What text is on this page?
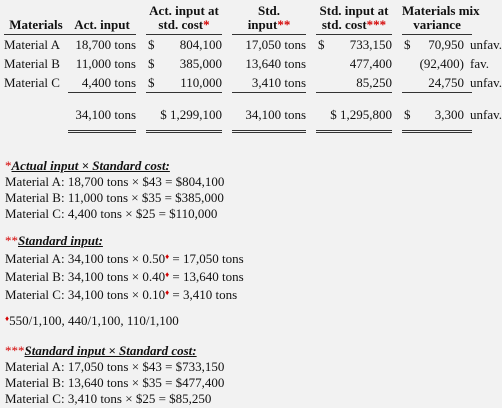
Materials	Act. input		Act. input at
std. cost*			Std.
input**		Std. input at
std. cost***			Materials mix
variance		
Material A	18,700 tons		$	804,100		17,050 tons		$	733,150		$	70,950	unfav.
Material B	11,000 tons		$	385,000		13,640 tons			477,400			(92,400)	fav.
Material C	4,400 tons		$	110,000		3,410 tons			85,250			24,750	unfav.
	34,100 tons		$ 1,299,100			34,100 tons		$ 1,295,800			$	3,300	unfav.
*Actual input × Standard cost:
Material A: 18,700 tons × $43 = $804,100
Material B: 11,000 tons × $35 = $385,000
Material C: 4,400 tons × $25 = $110,000
**Standard input:
Material A: 34,100 tons × 0.50♦ = 17,050 tons
Material B: 34,100 tons × 0.40♦ = 13,640 tons
Material C: 34,100 tons × 0.10♦ = 3,410 tons
♦550/1,100, 440/1,100, 110/1,100
***Standard input × Standard cost:
Material A: 17,050 tons × $43 = $733,150
Material B: 13,640 tons × $35 = $477,400
Material C: 3,410 tons × $25 = $85,250
